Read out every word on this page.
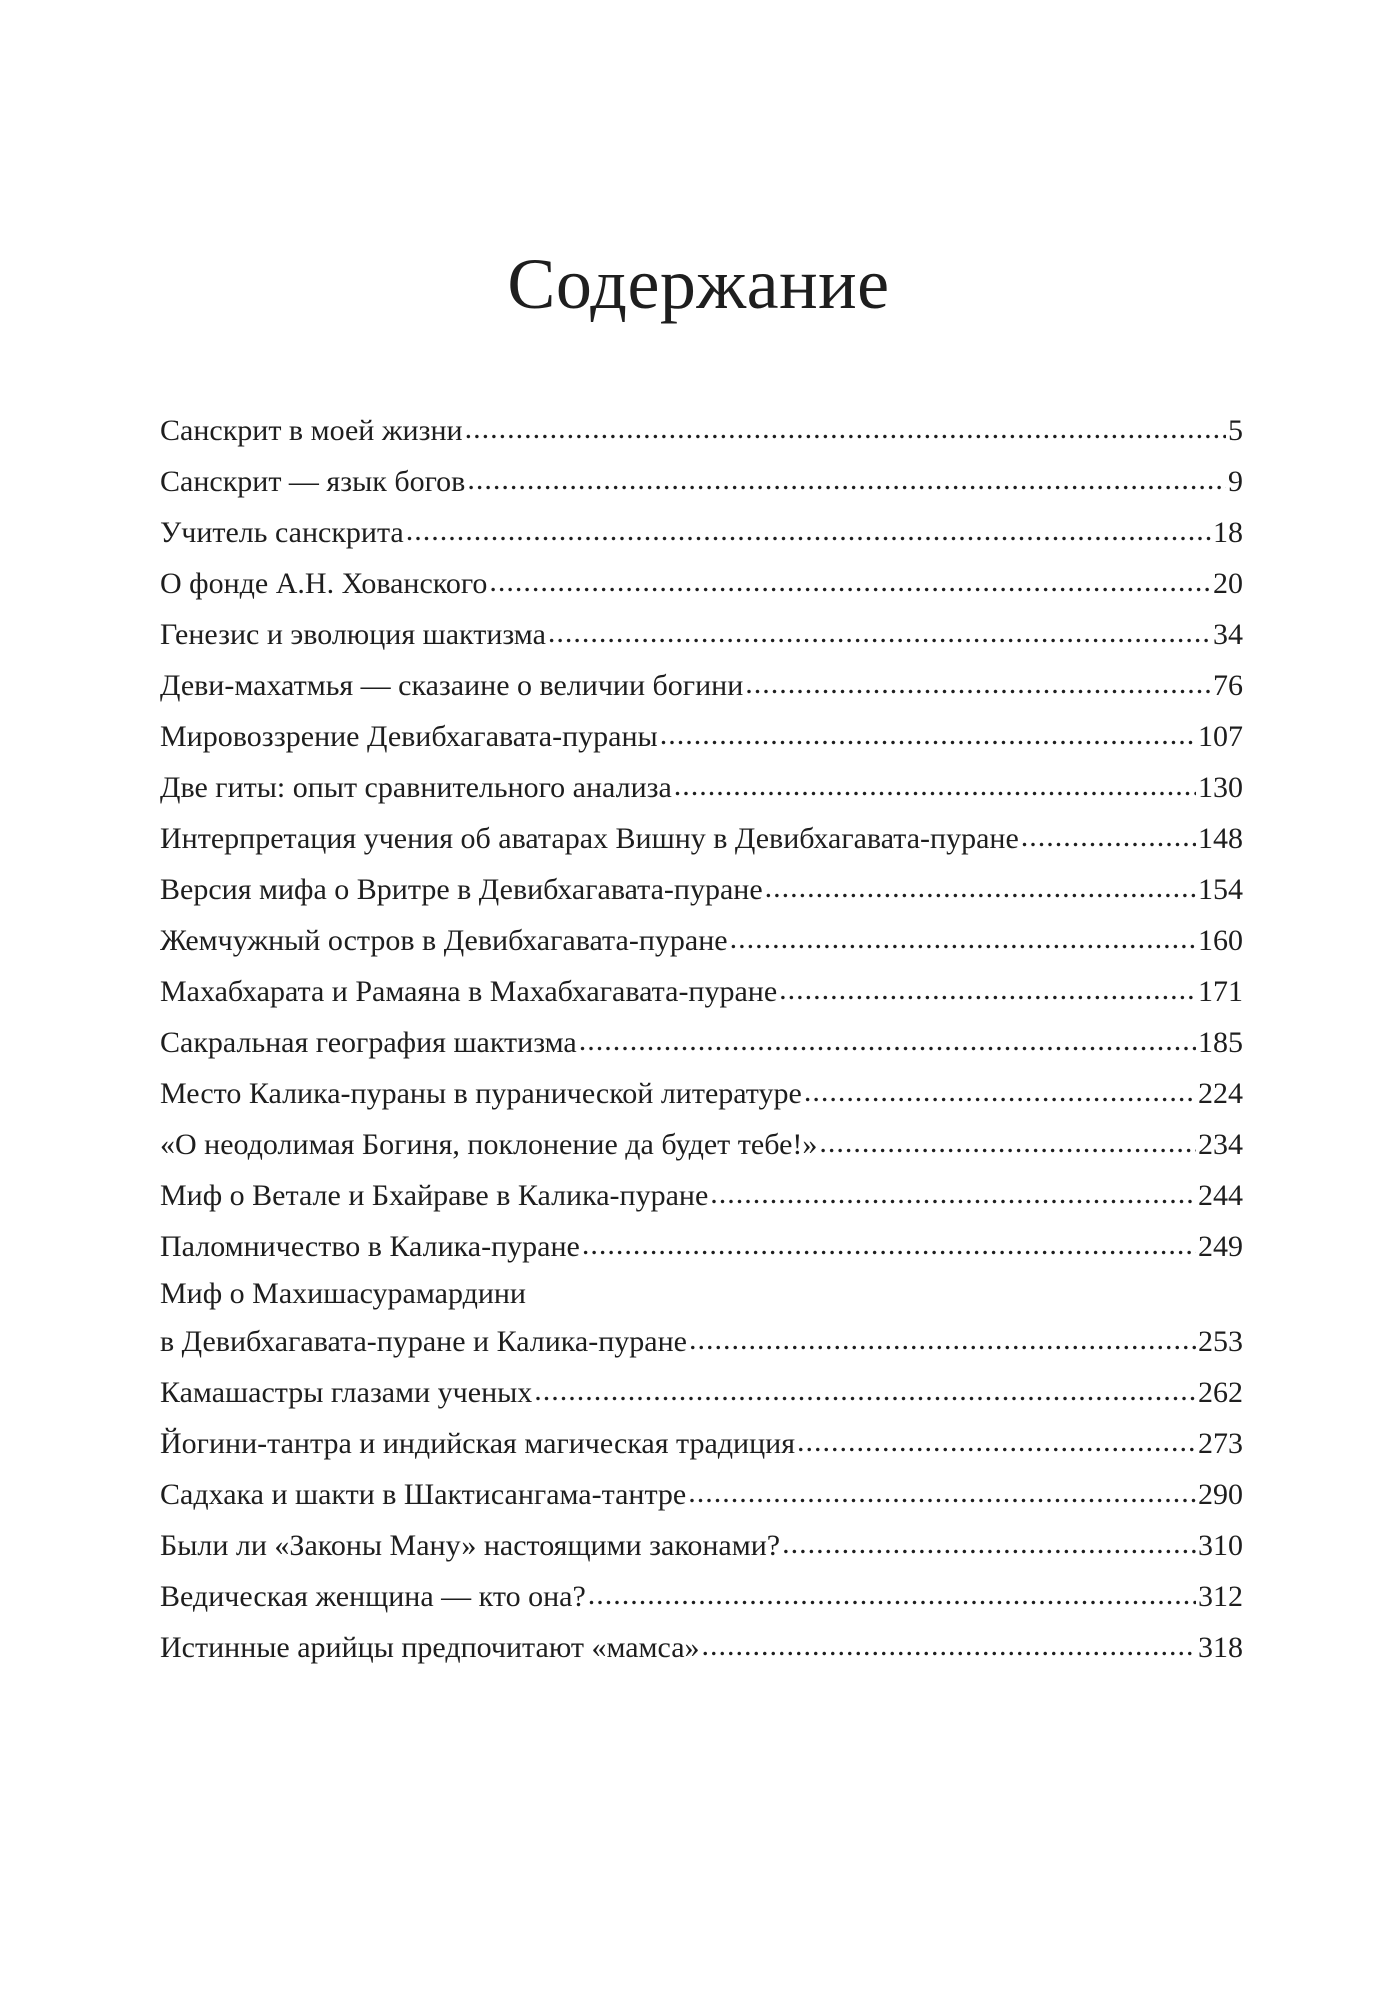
Содержание
Санскрит в моей жизни .....	5
Санскрит — язык богов .....	9
Учитель санскрита .....	18
О фонде А.Н. Хованского .....	20
Генезис и эволюция шактизма .....	34
Деви-махатмья — сказаине о величии богини .....	76
Мировоззрение Девибхагавата-пураны .....	107
Две гиты: опыт сравнительного анализа .....	130
Интерпретация учения об аватарах Вишну в Девибхагавата-пуране .....	148
Версия мифа о Вритре в Девибхагавата-пуране .....	154
Жемчужный остров в Девибхагавата-пуране .....	160
Махабхарата и Рамаяна в Махабхагавата-пуране .....	171
Сакральная география шактизма .....	185
Место Калика-пураны в пуранической литературе .....	224
«О неодолимая Богиня, поклонение да будет тебе!» .....	234
Миф о Ветале и Бхайраве в Калика-пуране .....	244
Паломничество в Калика-пуране .....	249
Миф о Махишасурамардини
в Девибхагавата-пуране и Калика-пуране .....	253
Камашастры глазами ученых .....	262
Йогини-тантра и индийская магическая традиция .....	273
Садхака и шакти в Шактисангама-тантре .....	290
Были ли «Законы Ману» настоящими законами? .....	310
Ведическая женщина — кто она? .....	312
Истинные арийцы предпочитают «мамса» .....	318
